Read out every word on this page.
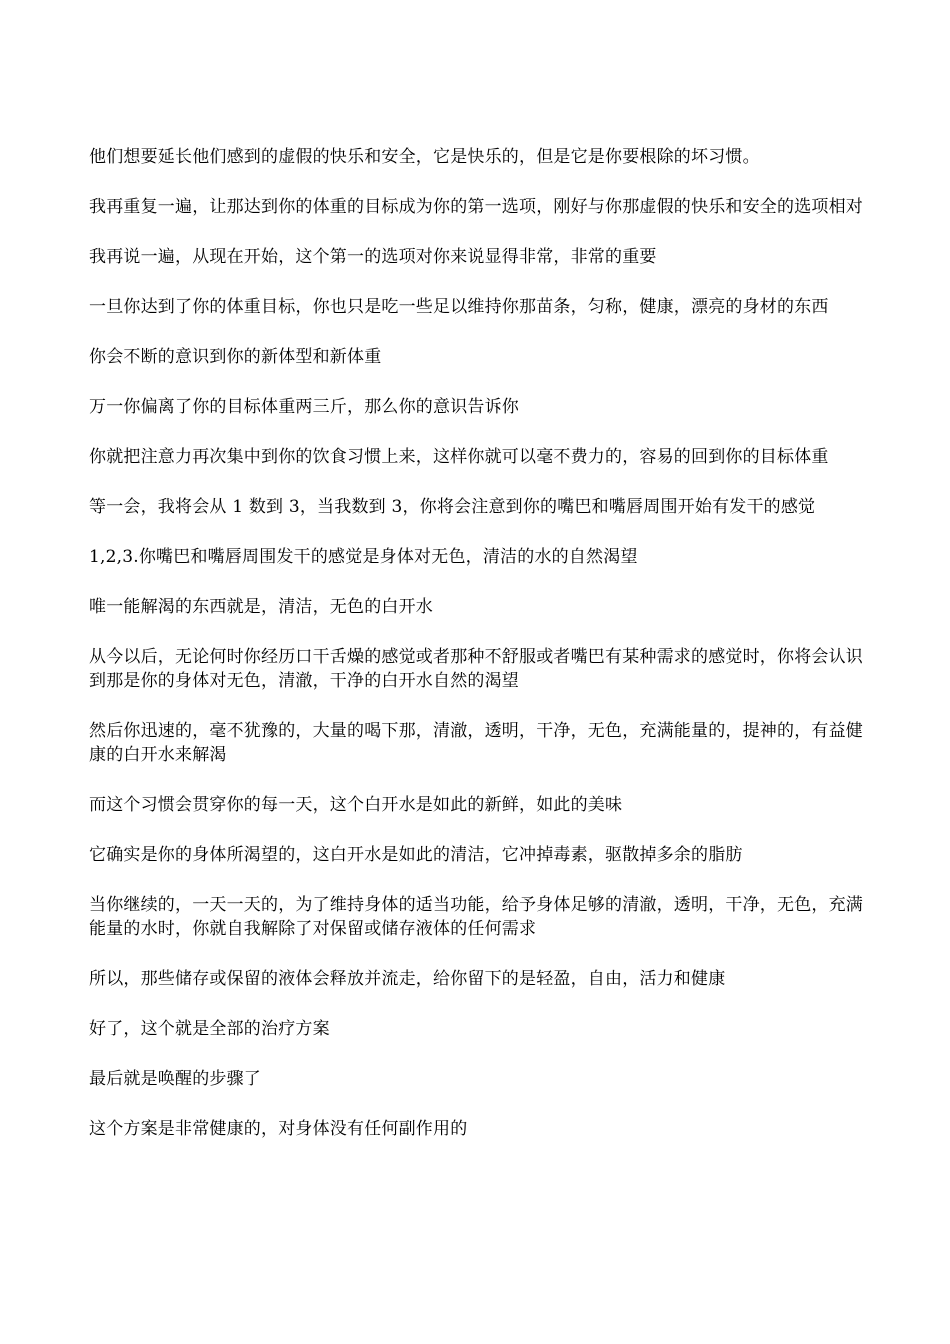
他们想要延长他们感到的虚假的快乐和安全，它是快乐的，但是它是你要根除的坏习惯。

我再重复一遍，让那达到你的体重的目标成为你的第一选项，刚好与你那虚假的快乐和安全的选项相对

我再说一遍，从现在开始，这个第一的选项对你来说显得非常，非常的重要

一旦你达到了你的体重目标，你也只是吃一些足以维持你那苗条，匀称，健康，漂亮的身材的东西

你会不断的意识到你的新体型和新体重

万一你偏离了你的目标体重两三斤，那么你的意识告诉你

你就把注意力再次集中到你的饮食习惯上来，这样你就可以毫不费力的，容易的回到你的目标体重

等一会，我将会从 1 数到 3，当我数到 3，你将会注意到你的嘴巴和嘴唇周围开始有发干的感觉

1,2,3.你嘴巴和嘴唇周围发干的感觉是身体对无色，清洁的水的自然渴望

唯一能解渴的东西就是，清洁，无色的白开水

从今以后，无论何时你经历口干舌燥的感觉或者那种不舒服或者嘴巴有某种需求的感觉时，你将会认识到那是你的身体对无色，清澈，干净的白开水自然的渴望

然后你迅速的，毫不犹豫的，大量的喝下那，清澈，透明，干净，无色，充满能量的，提神的，有益健康的白开水来解渴

而这个习惯会贯穿你的每一天，这个白开水是如此的新鲜，如此的美味

它确实是你的身体所渴望的，这白开水是如此的清洁，它冲掉毒素，驱散掉多余的脂肪

当你继续的，一天一天的，为了维持身体的适当功能，给予身体足够的清澈，透明，干净，无色，充满能量的水时，你就自我解除了对保留或储存液体的任何需求

所以，那些储存或保留的液体会释放并流走，给你留下的是轻盈，自由，活力和健康

好了，这个就是全部的治疗方案

最后就是唤醒的步骤了

这个方案是非常健康的，对身体没有任何副作用的
